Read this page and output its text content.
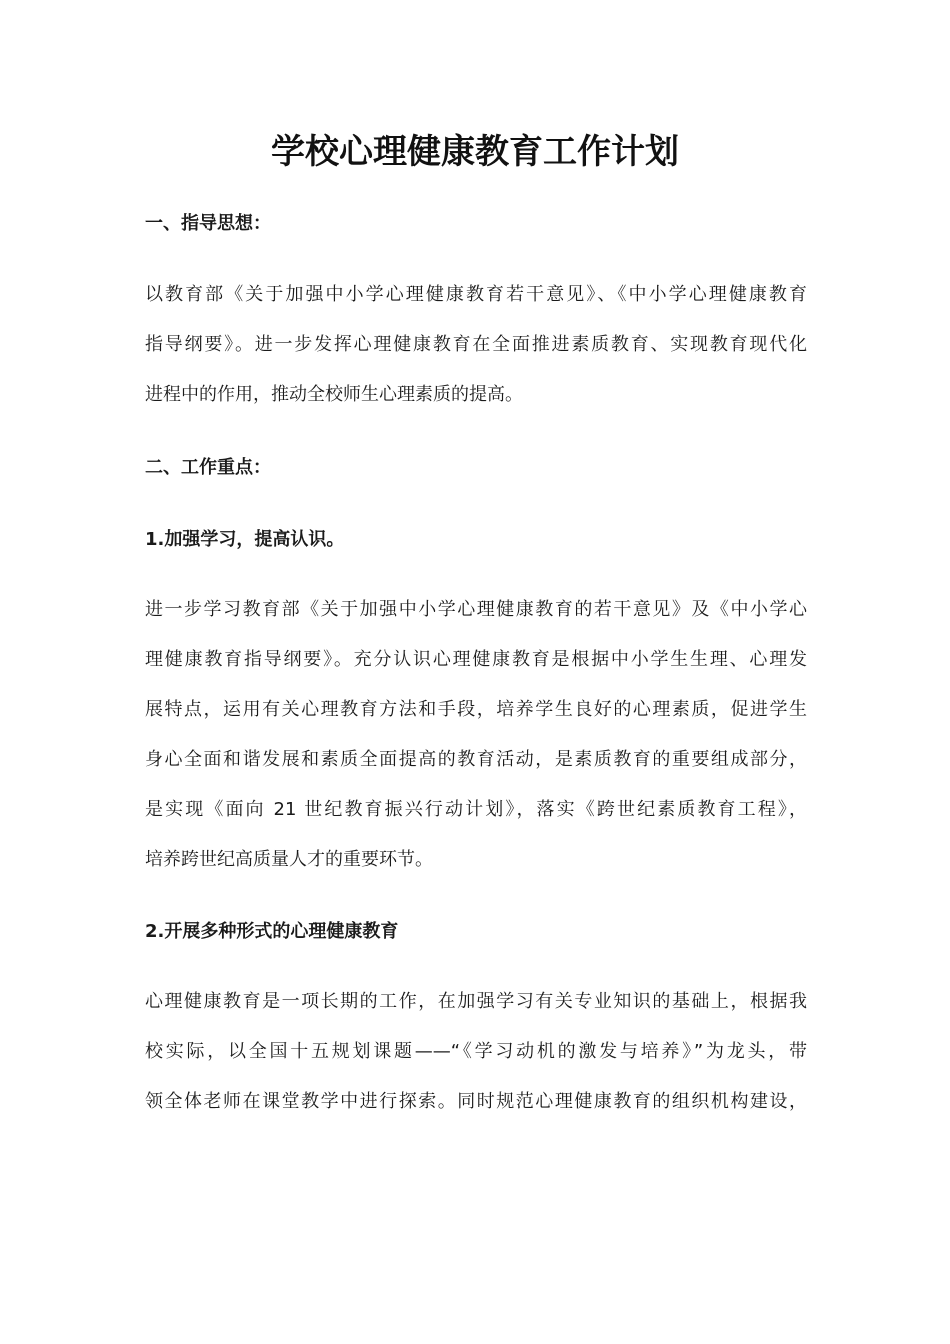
学校心理健康教育工作计划
一、指导思想：
以教育部《关于加强中小学心理健康教育若干意见》、《中小学心理健康教育
指导纲要》。进一步发挥心理健康教育在全面推进素质教育、实现教育现代化
进程中的作用，推动全校师生心理素质的提高。
二、工作重点：
1.加强学习，提高认识。
进一步学习教育部《关于加强中小学心理健康教育的若干意见》及《中小学心
理健康教育指导纲要》。充分认识心理健康教育是根据中小学生生理、心理发
展特点，运用有关心理教育方法和手段，培养学生良好的心理素质，促进学生
身心全面和谐发展和素质全面提高的教育活动，是素质教育的重要组成部分，
是实现《面向 21 世纪教育振兴行动计划》，落实《跨世纪素质教育工程》，
培养跨世纪高质量人才的重要环节。
2.开展多种形式的心理健康教育
心理健康教育是一项长期的工作，在加强学习有关专业知识的基础上，根据我
校实际，以全国十五规划课题——“《学习动机的激发与培养》”为龙头，带
领全体老师在课堂教学中进行探索。同时规范心理健康教育的组织机构建设，
